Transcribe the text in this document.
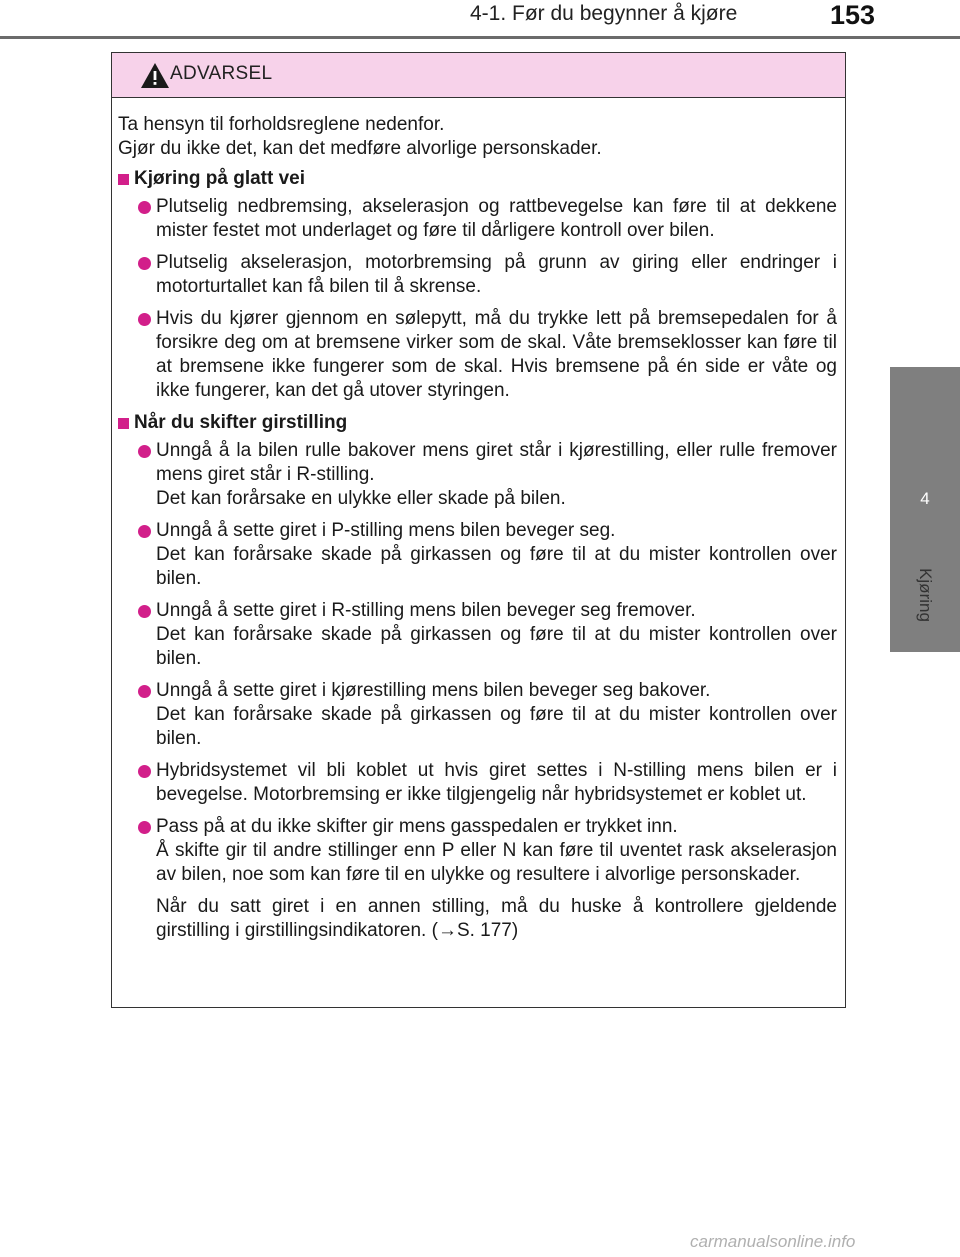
4-1. Før du begynner å kjøre	153
4
Kjøring
ADVARSEL

Ta hensyn til forholdsreglene nedenfor.

Gjør du ikke det, kan det medføre alvorlige personskader.

Kjøring på glatt vei

Plutselig nedbremsing, akselerasjon og rattbevegelse kan føre til at dekkene mister festet mot underlaget og føre til dårligere kontroll over bilen.

Plutselig akselerasjon, motorbremsing på grunn av giring eller endringer i motorturtallet kan få bilen til å skrense.

Hvis du kjører gjennom en sølepytt, må du trykke lett på bremsepedalen for å forsikre deg om at bremsene virker som de skal. Våte bremseklosser kan føre til at bremsene ikke fungerer som de skal. Hvis bremsene på én side er våte og ikke fungerer, kan det gå utover styringen.

Når du skifter girstilling

Unngå å la bilen rulle bakover mens giret står i kjørestilling, eller rulle fremover mens giret står i R-stilling.

Det kan forårsake en ulykke eller skade på bilen.

Unngå å sette giret i P-stilling mens bilen beveger seg.

Det kan forårsake skade på girkassen og føre til at du mister kontrollen over bilen.

Unngå å sette giret i R-stilling mens bilen beveger seg fremover.

Det kan forårsake skade på girkassen og føre til at du mister kontrollen over bilen.

Unngå å sette giret i kjørestilling mens bilen beveger seg bakover.

Det kan forårsake skade på girkassen og føre til at du mister kontrollen over bilen.

Hybridsystemet vil bli koblet ut hvis giret settes i N-stilling mens bilen er i bevegelse. Motorbremsing er ikke tilgjengelig når hybridsystemet er koblet ut.

Pass på at du ikke skifter gir mens gasspedalen er trykket inn.

Å skifte gir til andre stillinger enn P eller N kan føre til uventet rask akselerasjon av bilen, noe som kan føre til en ulykke og resultere i alvorlige personskader.

Når du satt giret i en annen stilling, må du huske å kontrollere gjeldende girstilling i girstillingsindikatoren. (→S. 177)

carmanualsonline.info
